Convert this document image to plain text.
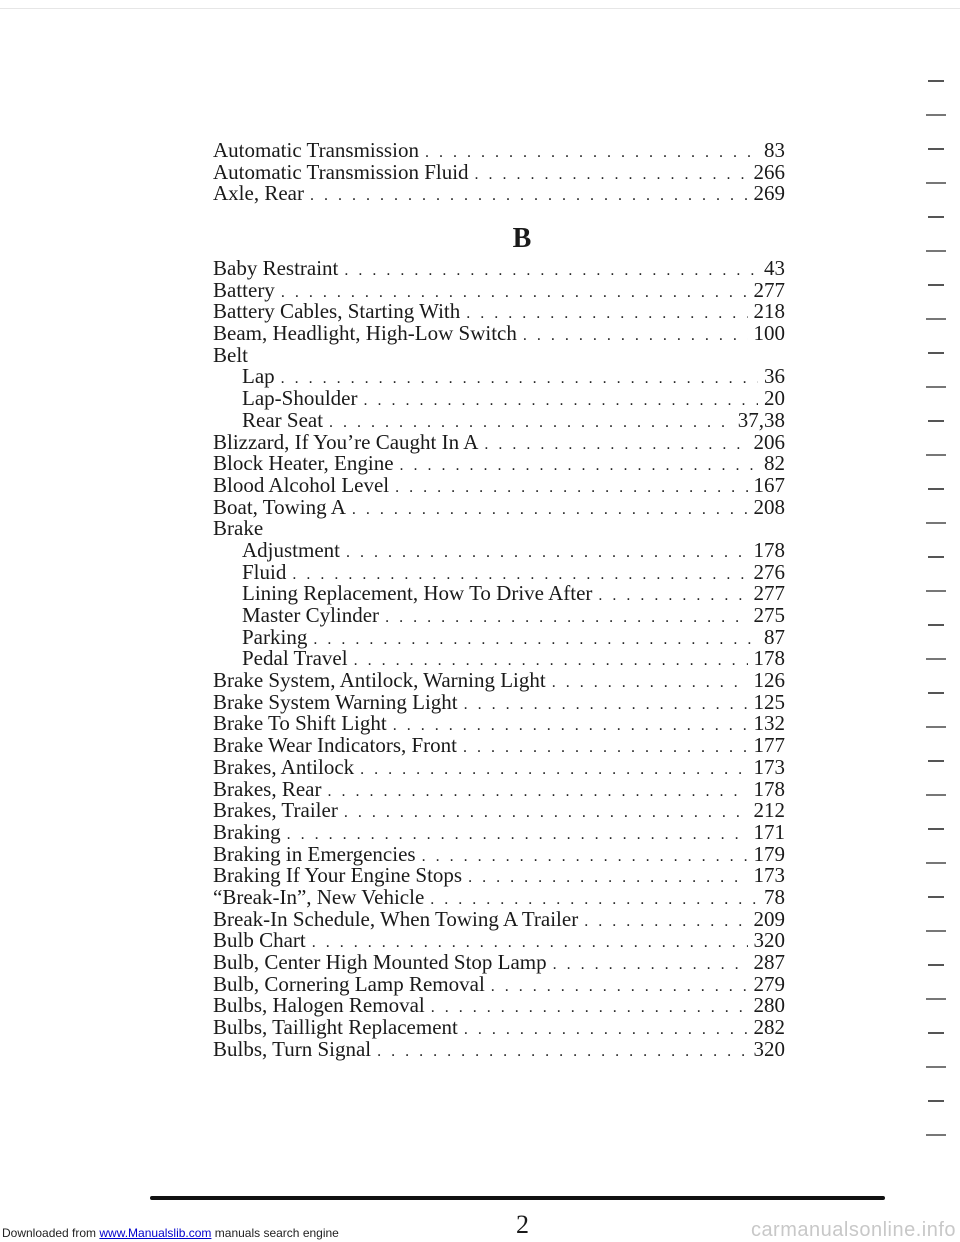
Automatic Transmission . . .	83
Automatic Transmission Fluid . . .	266
Axle, Rear . . .	269
B
Baby Restraint . . .	43
Battery . . .	277
Battery Cables, Starting With . . .	218
Beam, Headlight, High-Low Switch . . .	100
Belt
Lap . . .	36
Lap-Shoulder . . .	20
Rear Seat . . .	37,38
Blizzard, If You’re Caught In A . . .	206
Block Heater, Engine . . .	82
Blood Alcohol Level . . .	167
Boat, Towing A . . .	208
Brake
Adjustment . . .	178
Fluid . . .	276
Lining Replacement, How To Drive After . . .	277
Master Cylinder . . .	275
Parking . . .	87
Pedal Travel . . .	178
Brake System, Antilock, Warning Light . . .	126
Brake System Warning Light . . .	125
Brake To Shift Light . . .	132
Brake Wear Indicators, Front . . .	177
Brakes, Antilock . . .	173
Brakes, Rear . . .	178
Brakes, Trailer . . .	212
Braking . . .	171
Braking in Emergencies . . .	179
Braking If Your Engine Stops . . .	173
“Break-In”, New Vehicle . . .	78
Break-In Schedule, When Towing A Trailer . . .	209
Bulb Chart . . .	320
Bulb, Center High Mounted Stop Lamp . . .	287
Bulb, Cornering Lamp Removal . . .	279
Bulbs, Halogen Removal . . .	280
Bulbs, Taillight Replacement . . .	282
Bulbs, Turn Signal . . .	320
2
Downloaded from www.Manualslib.com manuals search engine	carmanualsonline.info
